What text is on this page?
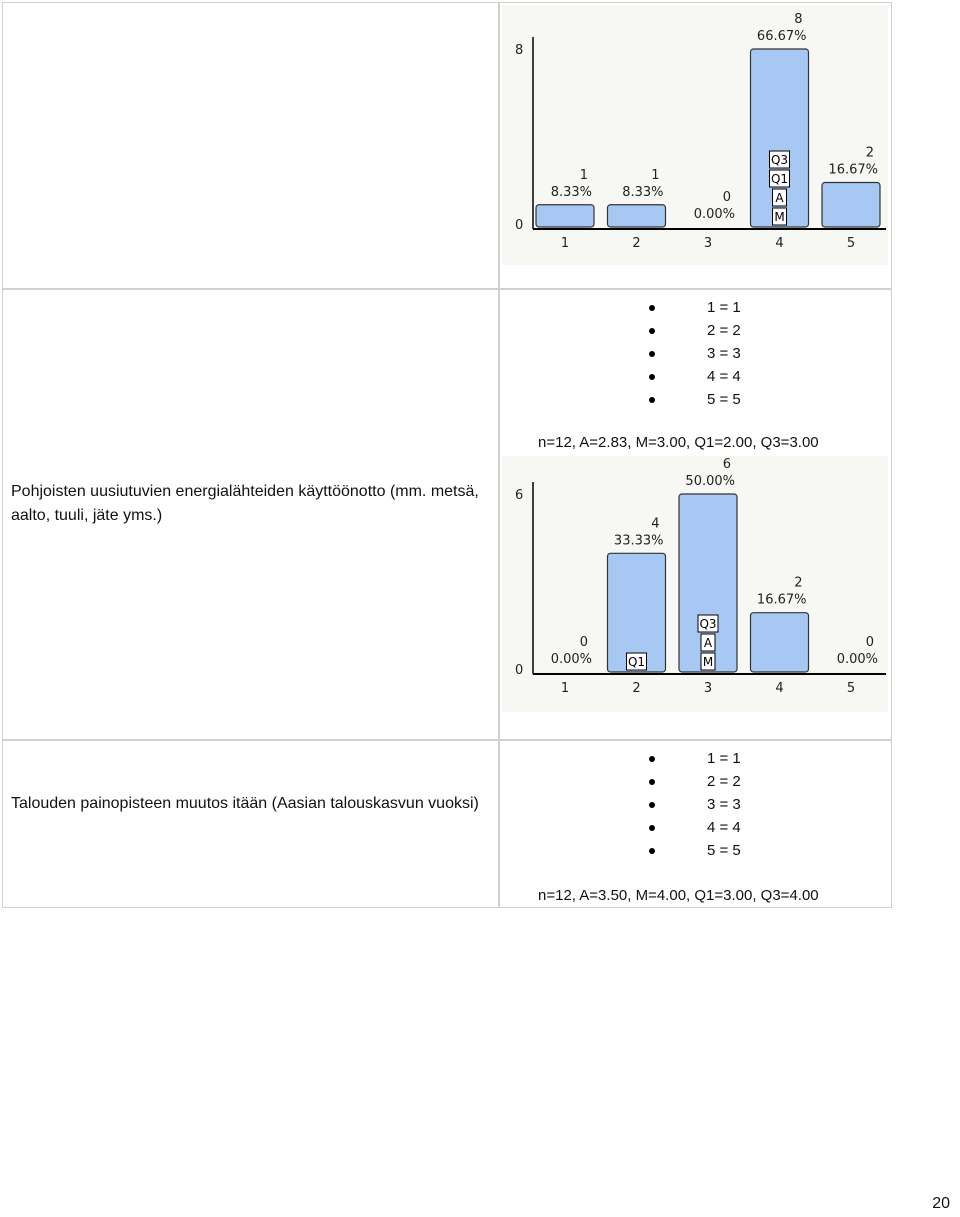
8
0
1
8.33%
1
1
8.33%
2
0
0.00%
3
8
66.67%
4
2
16.67%
5
Q3
Q1
A
M
Pohjoisten uusiutuvien energialähteiden käyttöönotto (mm. metsä, aalto, tuuli, jäte yms.)
1 = 1
2 = 2
3 = 3
4 = 4
5 = 5
n=12, A=2.83, M=3.00, Q1=2.00, Q3=3.00
6
0
0
0.00%
1
4
33.33%
2
6
50.00%
3
2
16.67%
4
0
0.00%
5
Q1
Q3
A
M
Talouden painopisteen muutos itään (Aasian talouskasvun vuoksi)
1 = 1
2 = 2
3 = 3
4 = 4
5 = 5
n=12, A=3.50, M=4.00, Q1=3.00, Q3=4.00
20
